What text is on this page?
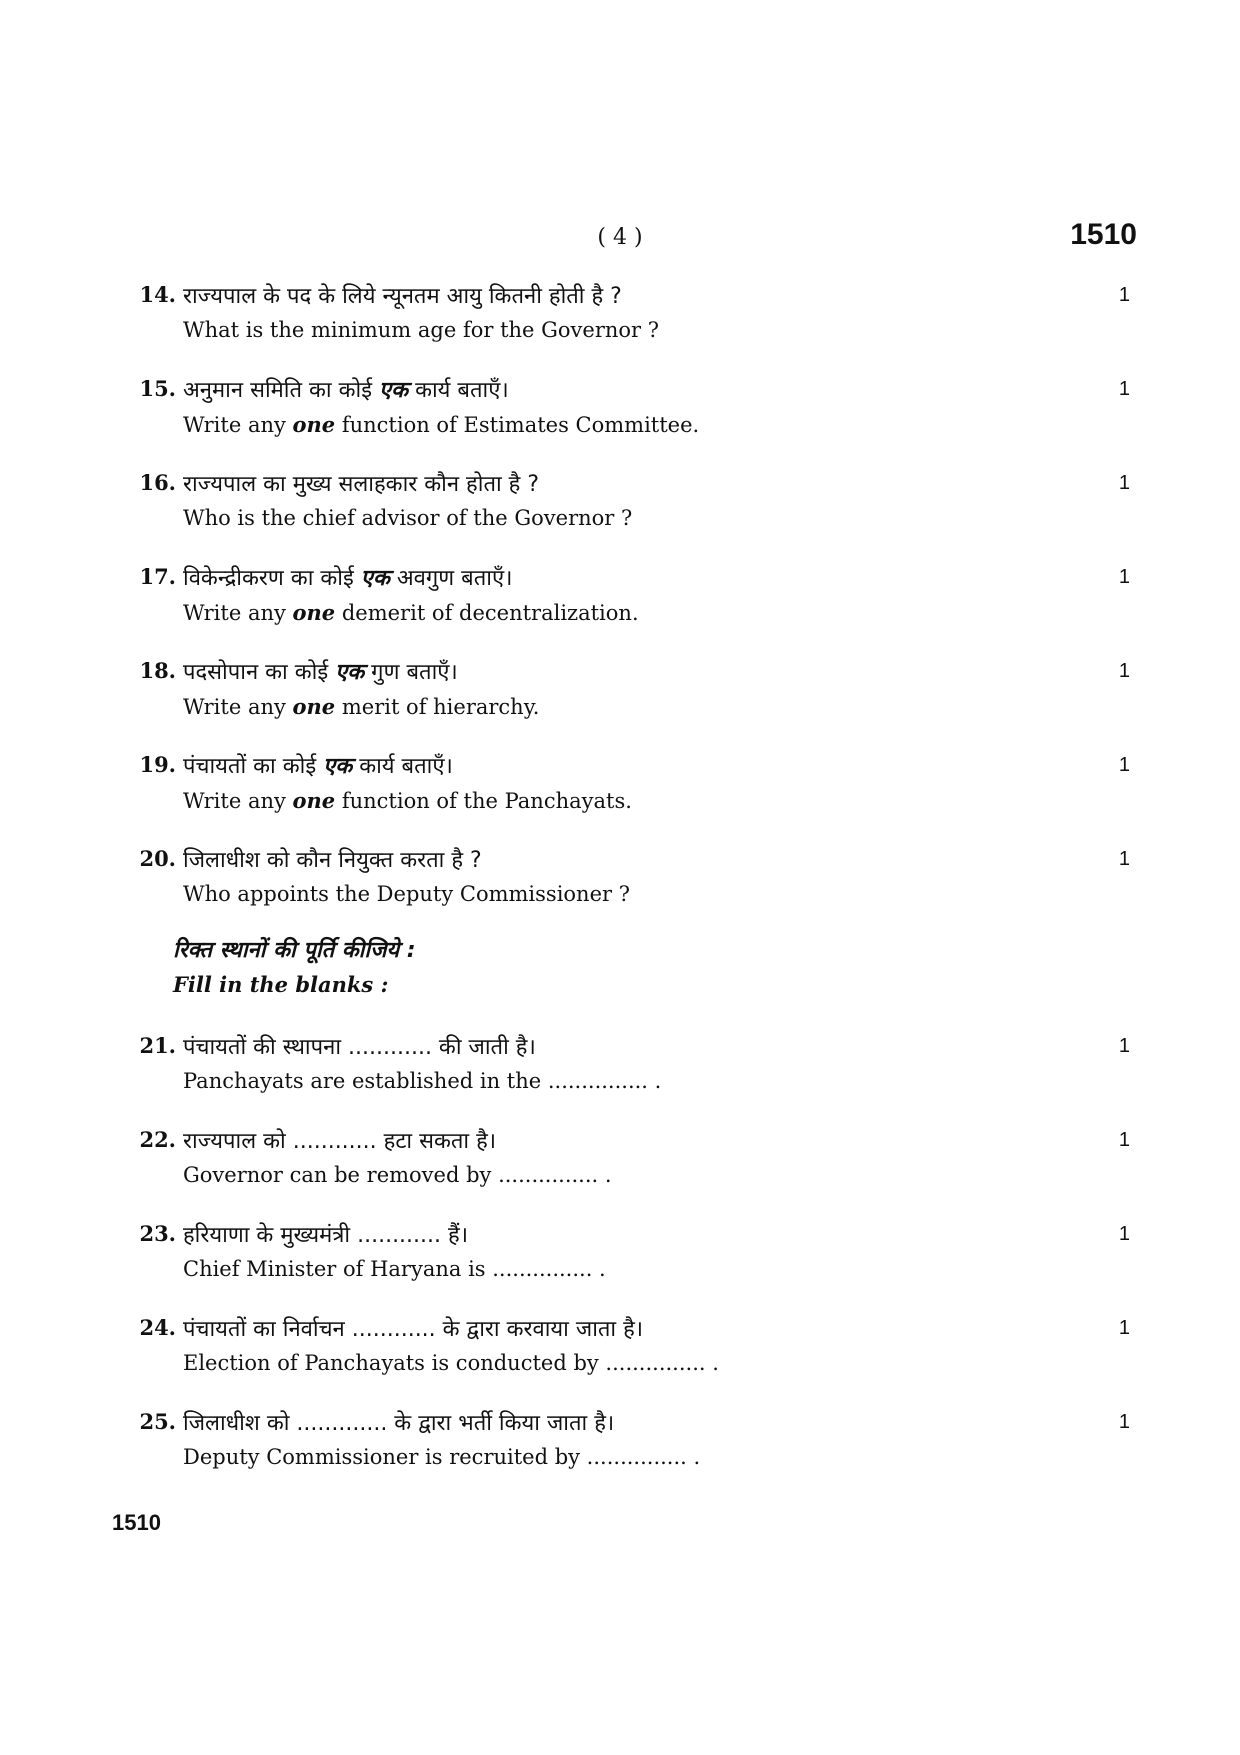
( 4 )	1510
14. राज्यपाल के पद के लिये न्यूनतम आयु कितनी होती है ?
What is the minimum age for the Governor ?
1
15. अनुमान समिति का कोई एक कार्य बताएँ।
Write any one function of Estimates Committee.
1
16. राज्यपाल का मुख्य सलाहकार कौन होता है ?
Who is the chief advisor of the Governor ?
1
17. विकेन्द्रीकरण का कोई एक अवगुण बताएँ।
Write any one demerit of decentralization.
1
18. पदसोपान का कोई एक गुण बताएँ।
Write any one merit of hierarchy.
1
19. पंचायतों का कोई एक कार्य बताएँ।
Write any one function of the Panchayats.
1
20. जिलाधीश को कौन नियुक्त करता है ?
Who appoints the Deputy Commissioner ?
1
रिक्त स्थानों की पूर्ति कीजिये :
Fill in the blanks :
21. पंचायतों की स्थापना ............ की जाती है।
Panchayats are established in the ............... .
1
22. राज्यपाल को ............ हटा सकता है।
Governor can be removed by ............... .
1
23. हरियाणा के मुख्यमंत्री ............ हैं।
Chief Minister of Haryana is ............... .
1
24. पंचायतों का निर्वाचन ............ के द्वारा करवाया जाता है।
Election of Panchayats is conducted by ............... .
1
25. जिलाधीश को ............. के द्वारा भर्ती किया जाता है।
Deputy Commissioner is recruited by ............... .
1
1510
